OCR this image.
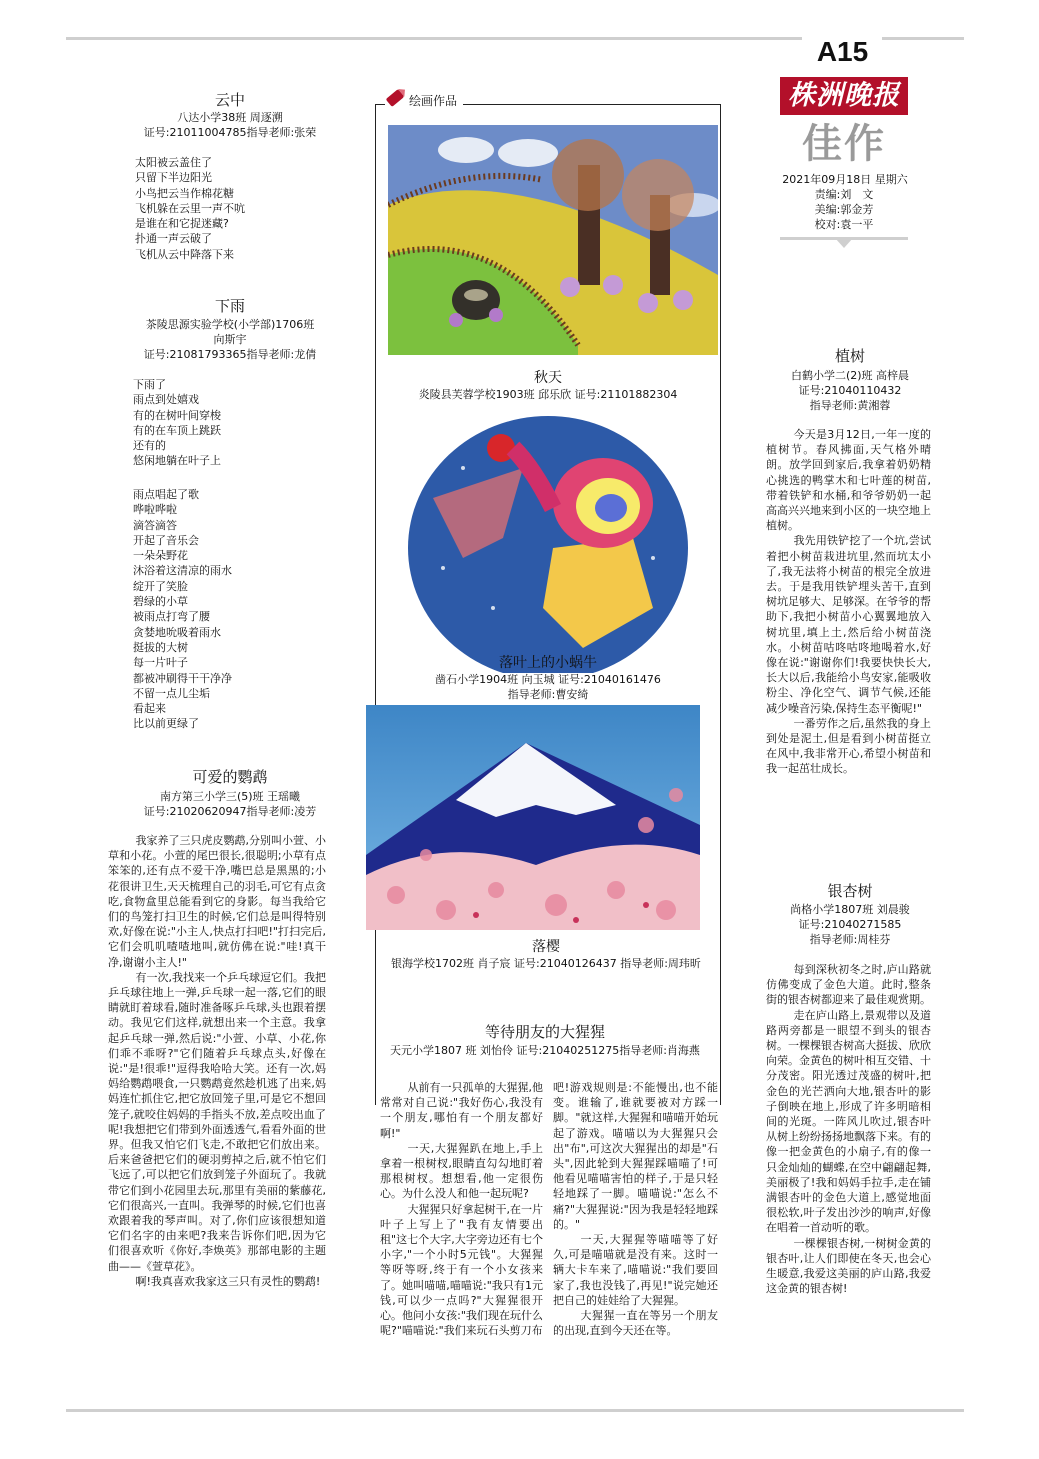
A15
株洲晚报
佳作
2021年09月18日 星期六
责编:刘　文
美编:郭金芳
校对:袁一平
云中
八达小学38班 周逐溯
证号:21011004785指导老师:张荣
太阳被云盖住了
只留下半边阳光
小鸟把云当作棉花糖
飞机躲在云里一声不吭
是谁在和它捉迷藏?
扑通一声云破了
飞机从云中降落下来
下雨
茶陵思源实验学校(小学部)1706班
向斯宇
证号:21081793365指导老师:龙倩
下雨了
雨点到处嬉戏
有的在树叶间穿梭
有的在车顶上跳跃
还有的
悠闲地躺在叶子上
雨点唱起了歌
哗啦哗啦
滴答滴答
开起了音乐会
一朵朵野花
沐浴着这清凉的雨水
绽开了笑脸
碧绿的小草
被雨点打弯了腰
贪婪地吮吸着雨水
挺拔的大树
每一片叶子
都被冲刷得干干净净
不留一点儿尘垢
看起来
比以前更绿了
可爱的鹦鹉
南方第三小学三(5)班 王瑶曦
证号:21020620947指导老师:凌芳

我家养了三只虎皮鹦鹉,分别叫小萱、小草和小花。小萱的尾巴很长,很聪明;小草有点笨笨的,还有点不爱干净,嘴巴总是黑黑的;小花很讲卫生,天天梳理自己的羽毛,可它有点贪吃,食物盒里总能看到它的身影。每当我给它们的鸟笼打扫卫生的时候,它们总是叫得特别欢,好像在说:"小主人,快点打扫吧!"打扫完后,它们会叽叽喳喳地叫,就仿佛在说:"哇!真干净,谢谢小主人!"

有一次,我找来一个乒乓球逗它们。我把乒乓球往地上一弹,乒乓球一起一落,它们的眼睛就盯着球看,随时准备啄乒乓球,头也跟着摆动。我见它们这样,就想出来一个主意。我拿起乒乓球一弹,然后说:"小萱、小草、小花,你们乖不乖呀?"它们随着乒乓球点头,好像在说:"是!很乖!"逗得我哈哈大笑。还有一次,妈妈给鹦鹉喂食,一只鹦鹉竟然趁机逃了出来,妈妈连忙抓住它,把它放回笼子里,可是它不想回笼子,就咬住妈妈的手指头不放,差点咬出血了呢!我想把它们带到外面透透气,看看外面的世界。但我又怕它们飞走,不敢把它们放出来。后来爸爸把它们的硬羽剪掉之后,就不怕它们飞远了,可以把它们放到笼子外面玩了。我就带它们到小花园里去玩,那里有美丽的紫藤花,它们很高兴,一直叫。我弹琴的时候,它们也喜欢跟着我的琴声叫。对了,你们应该很想知道它们名字的由来吧?我来告诉你们吧,因为它们很喜欢听《你好,李焕英》那部电影的主题曲——《萱草花》。

啊!我真喜欢我家这三只有灵性的鹦鹉!

绘画作品
秋天
炎陵县芙蓉学校1903班 邱乐欣 证号:21101882304
落叶上的小蜗牛
凿石小学1904班 向玉城 证号:21040161476
指导老师:曹安绮
落樱
银海学校1702班 肖子宸 证号:21040126437 指导老师:周玮昕
等待朋友的大猩猩
天元小学1807 班 刘怡伶 证号:21040251275指导老师:肖海燕

从前有一只孤单的大猩猩,他常常对自己说:"我好伤心,我没有一个朋友,哪怕有一个朋友都好啊!"

一天,大猩猩趴在地上,手上拿着一根树杈,眼睛直勾勾地盯着那根树杈。想想看,他一定很伤心。为什么没人和他一起玩呢?

大猩猩只好拿起树干,在一片叶子上写上了"我有友情要出租"这七个大字,大字旁边还有七个小字,"一个小时5元钱"。大猩猩等呀等呀,终于有一个小女孩来了。她叫喵喵,喵喵说:"我只有1元钱,可以少一点吗?"大猩猩很开心。他问小女孩:"我们现在玩什么呢?"喵喵说:"我们来玩石头剪刀布

吧!游戏规则是:不能慢出,也不能变。谁输了,谁就要被对方踩一脚。"就这样,大猩猩和喵喵开始玩起了游戏。喵喵以为大猩猩只会出"布",可这次大猩猩出的却是"石头",因此轮到大猩猩踩喵喵了!可他看见喵喵害怕的样子,于是只轻轻地踩了一脚。喵喵说:"怎么不痛?"大猩猩说:"因为我是轻轻地踩的。"

一天,大猩猩等喵喵等了好久,可是喵喵就是没有来。这时一辆大卡车来了,喵喵说:"我们要回家了,我也没钱了,再见!"说完她还把自己的娃娃给了大猩猩。

大猩猩一直在等另一个朋友的出现,直到今天还在等。

植树
白鹤小学二(2)班 高梓晨
证号:21040110432
指导老师:黄湘蓉

今天是3月12日,一年一度的植树节。春风拂面,天气格外晴朗。放学回到家后,我拿着奶奶精心挑选的鸭掌木和七叶莲的树苗,带着铁铲和水桶,和爷爷奶奶一起高高兴兴地来到小区的一块空地上植树。

我先用铁铲挖了一个坑,尝试着把小树苗栽进坑里,然而坑太小了,我无法将小树苗的根完全放进去。于是我用铁铲埋头苦干,直到树坑足够大、足够深。在爷爷的帮助下,我把小树苗小心翼翼地放入树坑里,填上土,然后给小树苗浇水。小树苗咕咚咕咚地喝着水,好像在说:"谢谢你们!我要快快长大,长大以后,我能给小鸟安家,能吸收粉尘、净化空气、调节气候,还能减少噪音污染,保持生态平衡呢!"

一番劳作之后,虽然我的身上到处是泥土,但是看到小树苗挺立在风中,我非常开心,希望小树苗和我一起茁壮成长。

银杏树
尚格小学1807班 刘晨骏
证号:21040271585
指导老师:周桂芬

每到深秋初冬之时,庐山路就仿佛变成了金色大道。此时,整条街的银杏树都迎来了最佳观赏期。

走在庐山路上,景观带以及道路两旁都是一眼望不到头的银杏树。一棵棵银杏树高大挺拔、欣欣向荣。金黄色的树叶相互交错、十分茂密。阳光透过茂盛的树叶,把金色的光芒洒向大地,银杏叶的影子倒映在地上,形成了许多明暗相间的光斑。一阵风儿吹过,银杏叶从树上纷纷扬扬地飘落下来。有的像一把金黄色的小扇子,有的像一只金灿灿的蝴蝶,在空中翩翩起舞,美丽极了!我和妈妈手拉手,走在铺满银杏叶的金色大道上,感觉地面很松软,叶子发出沙沙的响声,好像在唱着一首动听的歌。

一棵棵银杏树,一树树金黄的银杏叶,让人们即使在冬天,也会心生暖意,我爱这美丽的庐山路,我爱这金黄的银杏树!
